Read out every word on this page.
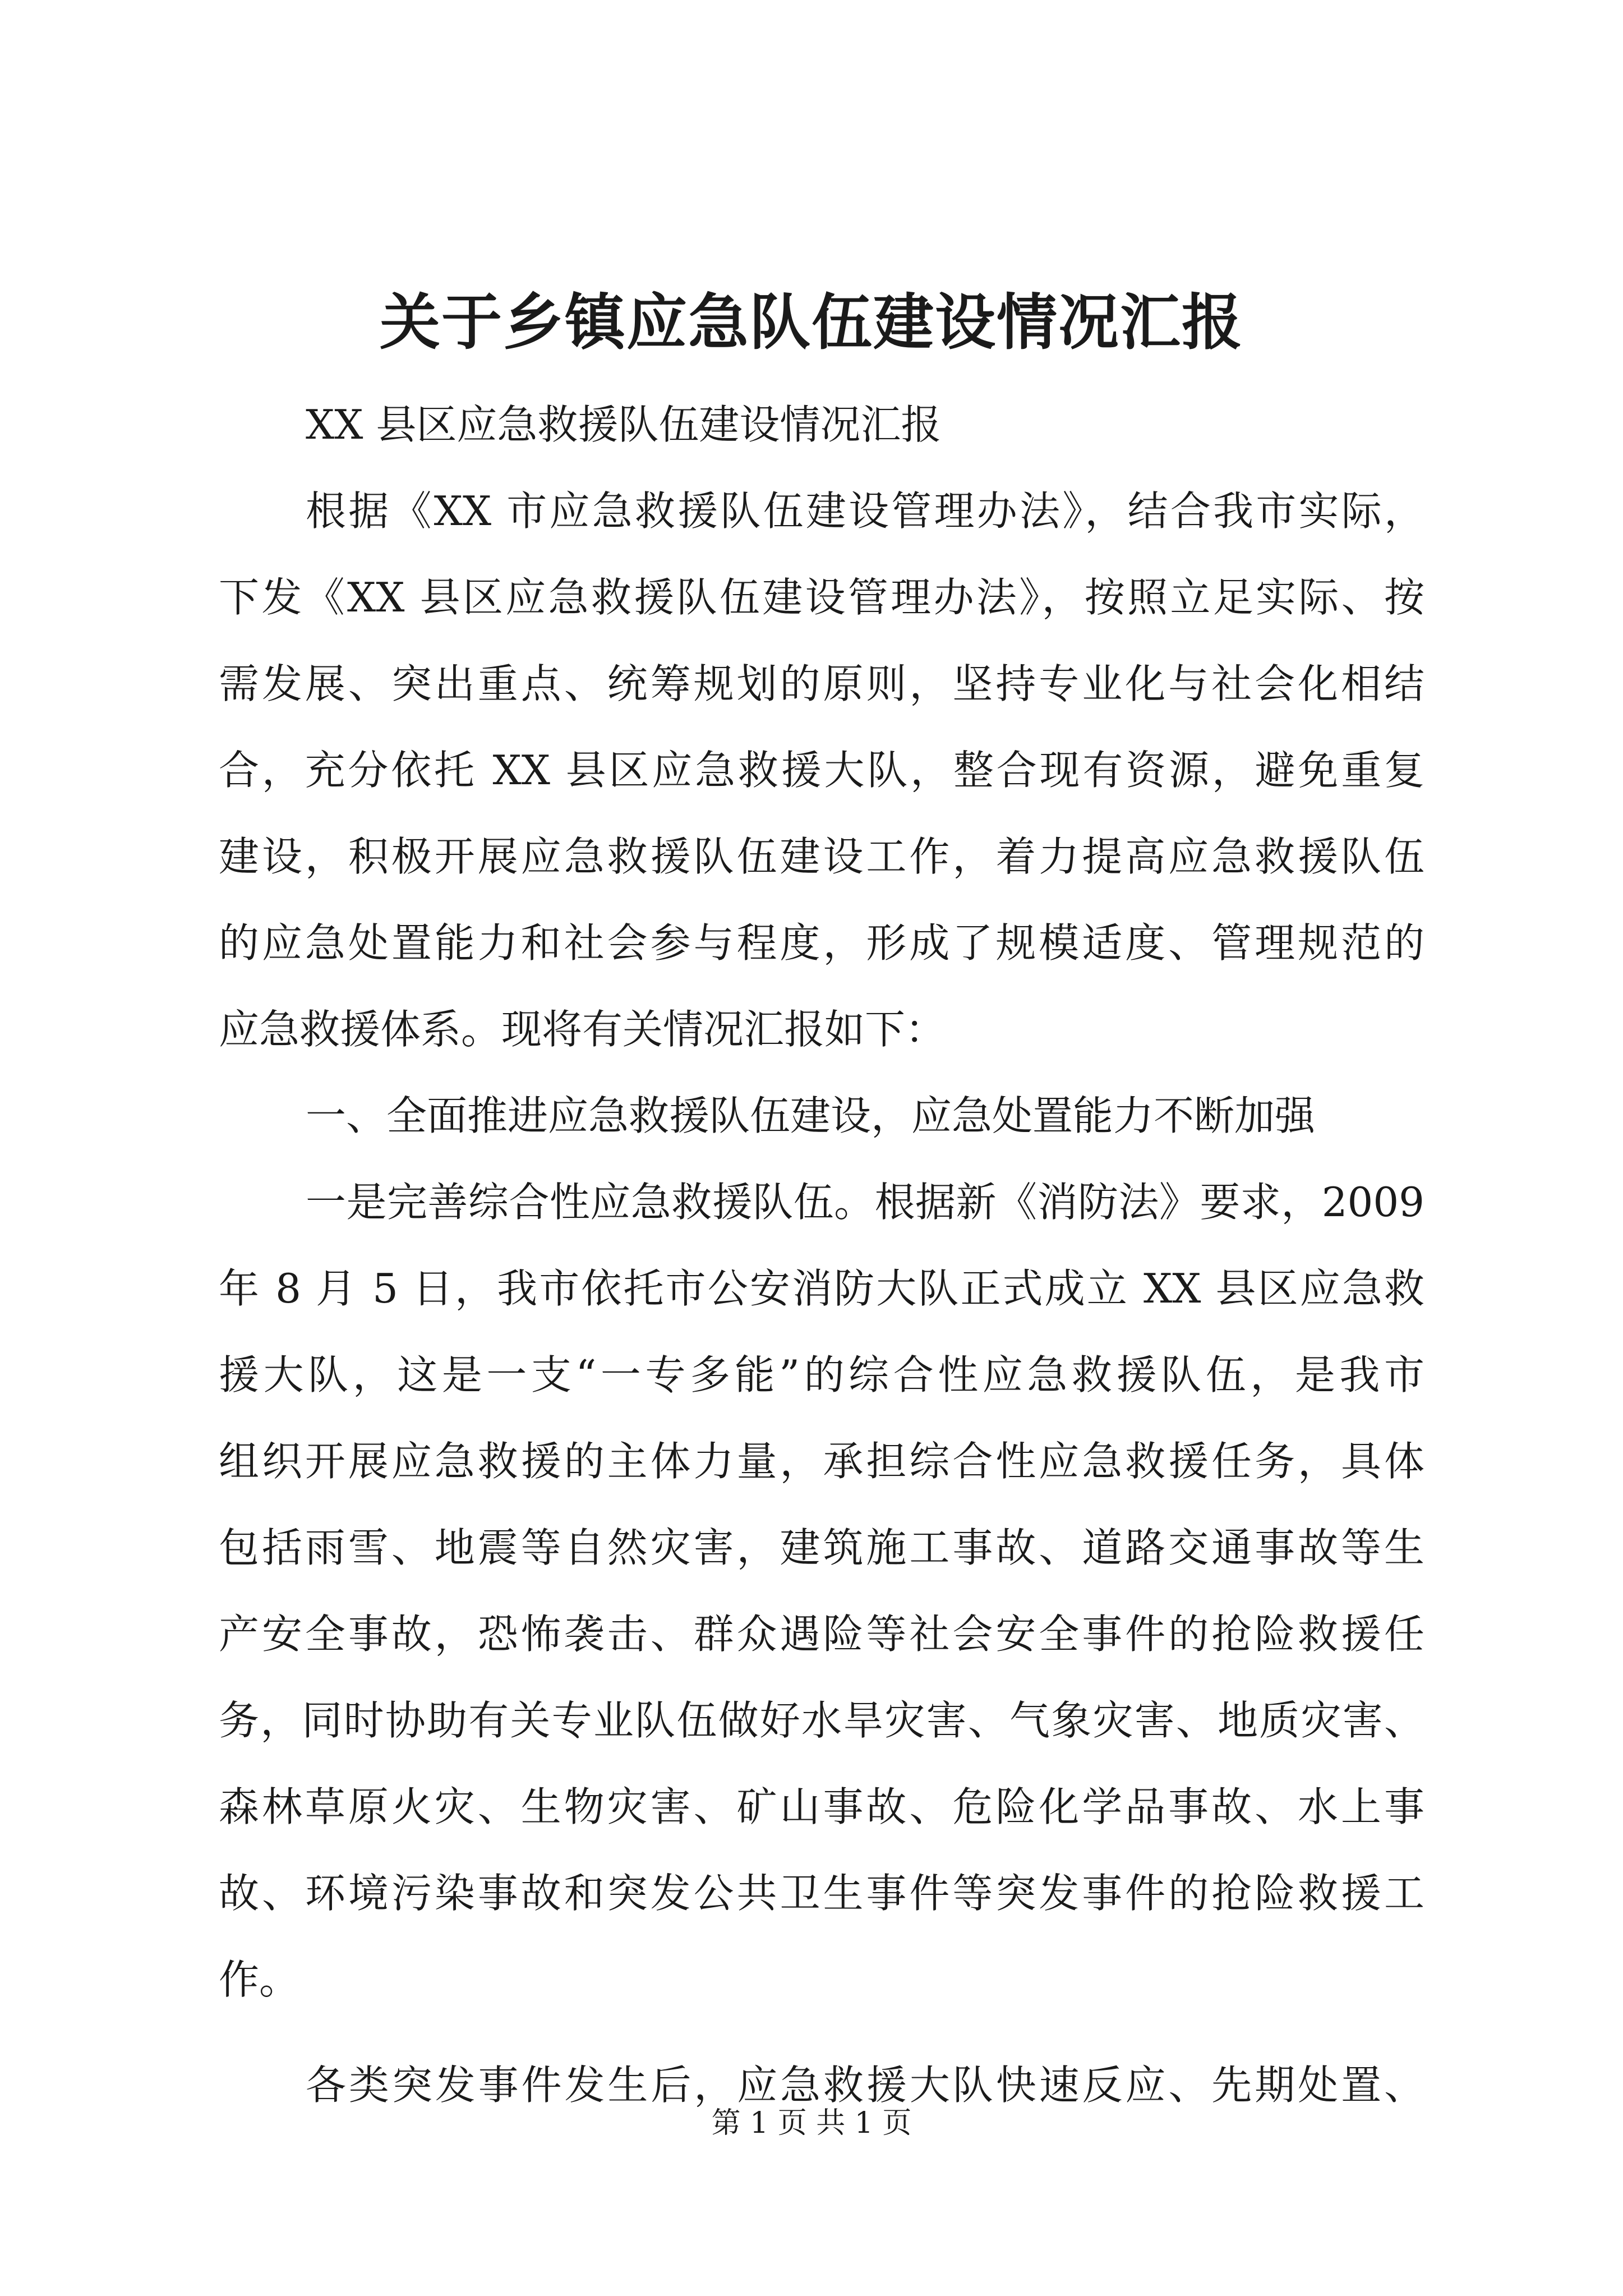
关于乡镇应急队伍建设情况汇报
XX 县区应急救援队伍建设情况汇报
根据《XX 市应急救援队伍建设管理办法》，结合我市实际，
下发《XX 县区应急救援队伍建设管理办法》，按照立足实际、按
需发展、突出重点、统筹规划的原则，坚持专业化与社会化相结
合，充分依托 XX 县区应急救援大队，整合现有资源，避免重复
建设，积极开展应急救援队伍建设工作，着力提高应急救援队伍
的应急处置能力和社会参与程度，形成了规模适度、管理规范的
应急救援体系。现将有关情况汇报如下：
一、全面推进应急救援队伍建设，应急处置能力不断加强
一是完善综合性应急救援队伍。根据新《消防法》要求，2009
年 8 月 5 日，我市依托市公安消防大队正式成立 XX 县区应急救
援大队，这是一支“一专多能”的综合性应急救援队伍，是我市
组织开展应急救援的主体力量，承担综合性应急救援任务，具体
包括雨雪、地震等自然灾害，建筑施工事故、道路交通事故等生
产安全事故，恐怖袭击、群众遇险等社会安全事件的抢险救援任
务，同时协助有关专业队伍做好水旱灾害、气象灾害、地质灾害、
森林草原火灾、生物灾害、矿山事故、危险化学品事故、水上事
故、环境污染事故和突发公共卫生事件等突发事件的抢险救援工
作。
各类突发事件发生后，应急救援大队快速反应、先期处置、
第 1 页 共 1 页
